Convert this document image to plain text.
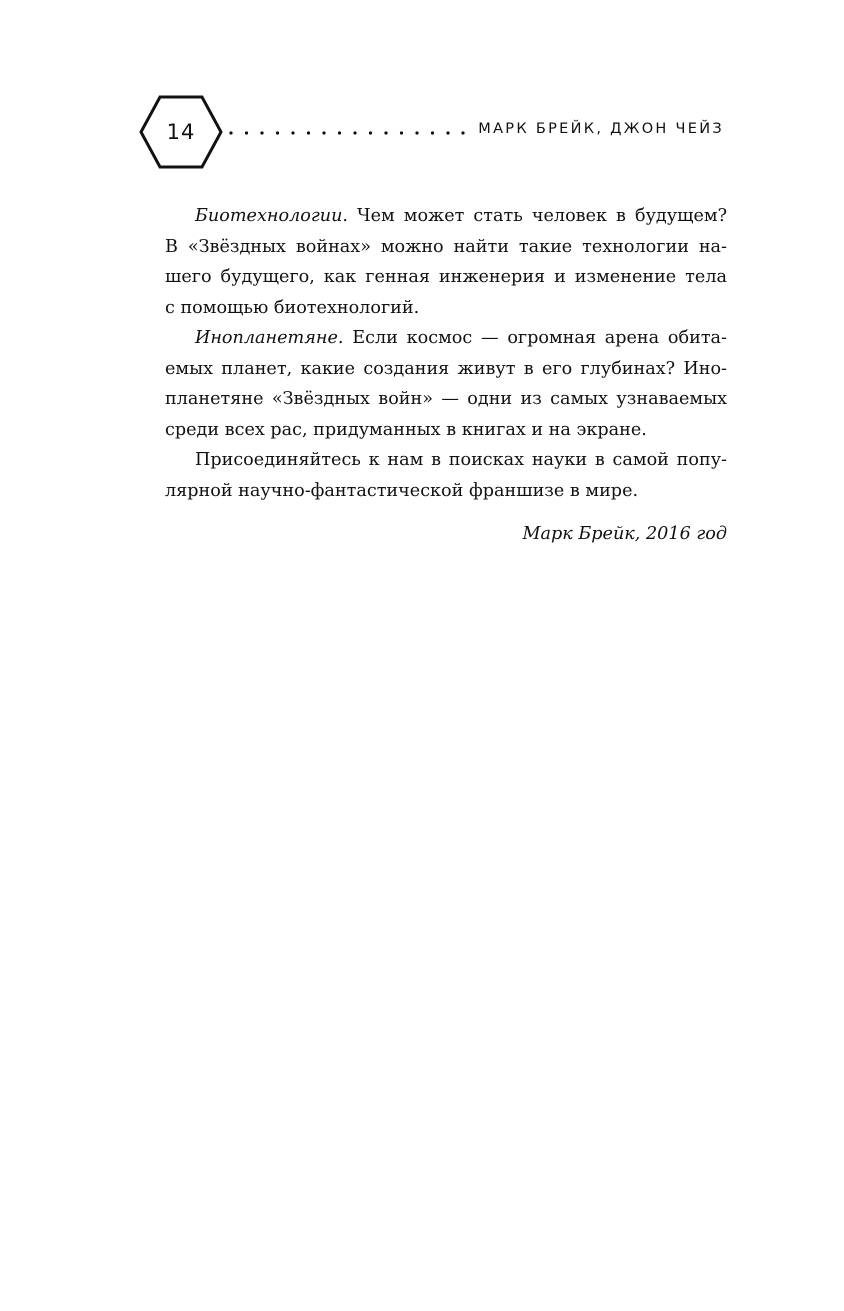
14	МАРК БРЕЙК, ДЖОН ЧЕЙЗ
Биотехнологии. Чем может стать человек в будущем?
В «Звёздных войнах» можно найти такие технологии на-
шего будущего, как генная инженерия и изменение тела
с помощью биотехнологий.
Инопланетяне. Если космос — огромная арена обита-
емых планет, какие создания живут в его глубинах? Ино-
планетяне «Звёздных войн» — одни из самых узнаваемых
среди всех рас, придуманных в книгах и на экране.
Присоединяйтесь к нам в поисках науки в самой попу-
лярной научно-фантастической франшизе в мире.
Марк Брейк, 2016 год
